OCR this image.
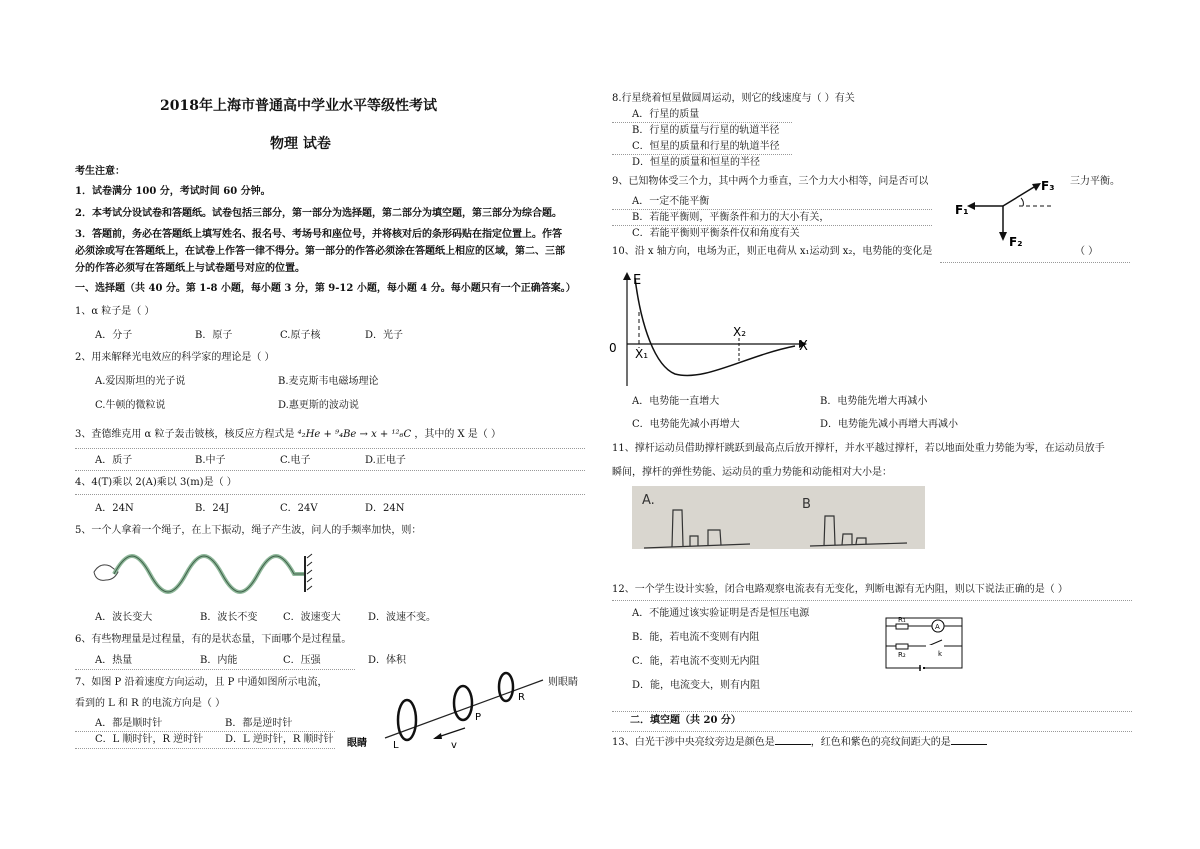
2018年上海市普通高中学业水平等级性考试
物理 试卷
考生注意：
1．试卷满分 100 分，考试时间 60 分钟。
2．本考试分设试卷和答题纸。试卷包括三部分，第一部分为选择题，第二部分为填空题，第三部分为综合题。
3．答题前，务必在答题纸上填写姓名、报名号、考场号和座位号，并将核对后的条形码贴在指定位置上。作答
必须涂或写在答题纸上，在试卷上作答一律不得分。第一部分的作答必须涂在答题纸上相应的区域，第二、三部
分的作答必须写在答题纸上与试卷题号对应的位置。
一、选择题（共 40 分。第 1-8 小题，每小题 3 分，第 9-12 小题，每小题 4 分。每小题只有一个正确答案。）
1、α 粒子是（ ）
A．分子	B．原子	C.原子核	D．光子
2、用来解释光电效应的科学家的理论是（ ）
A.爱因斯坦的光子说	B.麦克斯韦电磁场理论
C.牛顿的微粒说	D.惠更斯的波动说
3、査德维克用 α 粒子轰击铍核，核反应方程式是 ⁴₂He + ⁹₄Be → x + ¹²₆C ，其中的 X 是（ ）
A．质子	B.中子	C.电子	D.正电子
4、4(T)乘以 2(A)乘以 3(m)是（ ）
A．24N	B．24J	C．24V	D．24N
5、一个人拿着一个绳子，在上下振动，绳子产生波，问人的手频率加快，则：
A．波长变大	B．波长不变	C．波速变大	D．波速不变。
6、有些物理量是过程量，有的是状态量，下面哪个是过程量。
A．热量	B．内能	C．压强	D．体积
7、如图 P 沿着速度方向运动，且 P 中通如图所示电流，	则眼睛
看到的 L 和 R 的电流方向是（ ）
A．都是顺时针	B．都是逆时针
C．L 顺时针，R 逆时针 D．L 逆时针，R 顺时针 眼睛	L
P
R
v
8.行星绕着恒星做圆周运动，则它的线速度与（ ）有关
A．行星的质量
B．行星的质量与行星的轨道半径
C．恒星的质量和行星的轨道半径
D．恒星的质量和恒星的半径
9、已知物体受三个力，其中两个力垂直，三个力大小相等，问是否可以	三力平衡。
A．一定不能平衡
B．若能平衡则，平衡条件和力的大小有关，
C．若能平衡则平衡条件仅和角度有关
F₁
F₂
F₃
10、沿 x 轴方向，电场为正，则正电荷从 x₁运动到 x₂，电势能的变化是	（ ）
E
0	X
X₁
X₂
A．电势能一直增大	B．电势能先增大再减小
C．电势能先减小再增大	D．电势能先减小再增大再减小
11、撑杆运动员借助撑杆跳跃到最高点后放开撑杆，并水平越过撑杆，若以地面处重力势能为零，在运动员放手
瞬间，撑杆的弹性势能、运动员的重力势能和动能相对大小是：
A.	B
12、一个学生设计实验，闭合电路观察电流表有无变化，判断电源有无内阻，则以下说法正确的是（ ）
A．不能通过该实验证明是否是恒压电源
B．能，若电流不变则有内阻
C．能，若电流不变则无内阻
D．能，电流变大，则有内阻
R₁
A
R₂	k
二．填空题（共 20 分）
13、白光干涉中央亮纹旁边是颜色是	，红色和紫色的亮纹间距大的是
